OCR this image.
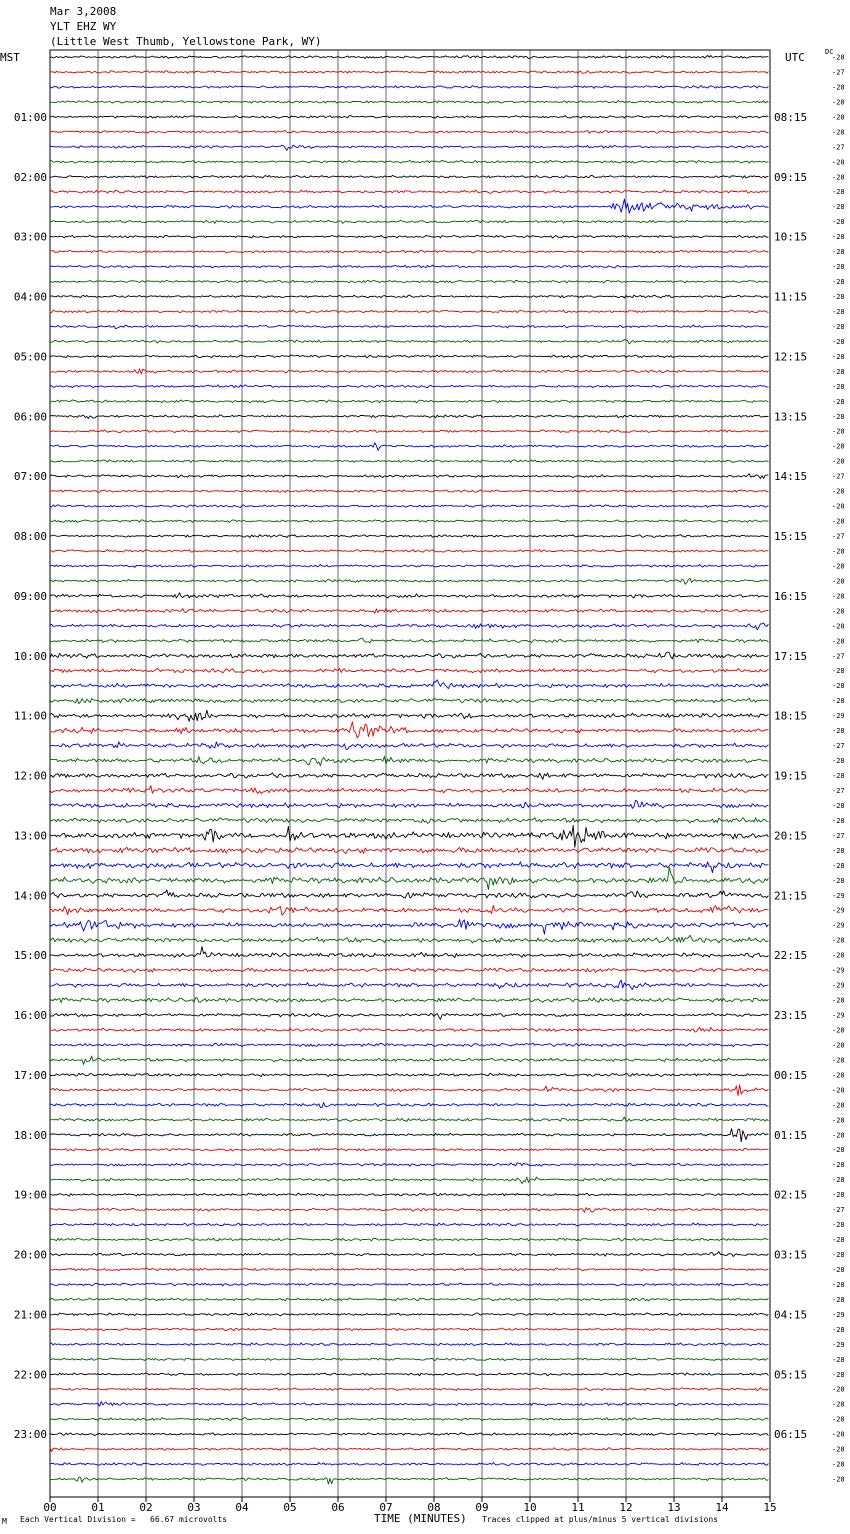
Mar 3,2008
YLT EHZ WY
(Little West Thumb, Yellowstone Park, WY)
MST	UTC	DC
00	01	02	03	04	05	06	07	08	09	10	11	12	13	14	15
-28
-27
-28
-28
-28
-28
-27
-28
-28
-28
-28
-28
-28
-28
-28
-28
-28
-28
-28
-28
-28
-28
-28
-28
-28
-28
-28
-28
-27
-28
-28
-28
-27
-28
-28
-28
-28
-28
-28
-28
-27
-28
-28
-28
-29
-28
-27
-28
-28
-27
-28
-28
-27
-28
-28
-28
-29
-29
-29
-28
-28
-29
-29
-28
-29
-28
-28
-28
-28
-28
-28
-28
-28
-28
-28
-28
-28
-27
-28
-28
-28
-28
-28
-28
-29
-28
-29
-28
-28
-28
-28
-28
-28
-28
-28
-28
01:00
02:00
03:00
04:00
05:00
06:00
07:00
08:00
09:00
10:00
11:00
12:00
13:00
14:00
15:00
16:00
17:00
18:00
19:00
20:00
21:00
22:00
23:00
08:15
09:15
10:15
11:15
12:15
13:15
14:15
15:15
16:15
17:15
18:15
19:15
20:15
21:15
22:15
23:15
00:15
01:15
02:15
03:15
04:15
05:15
06:15
TIME (MINUTES)
M Each Vertical Division =   66.67 microvolts	Traces clipped at plus/minus 5 vertical divisions
